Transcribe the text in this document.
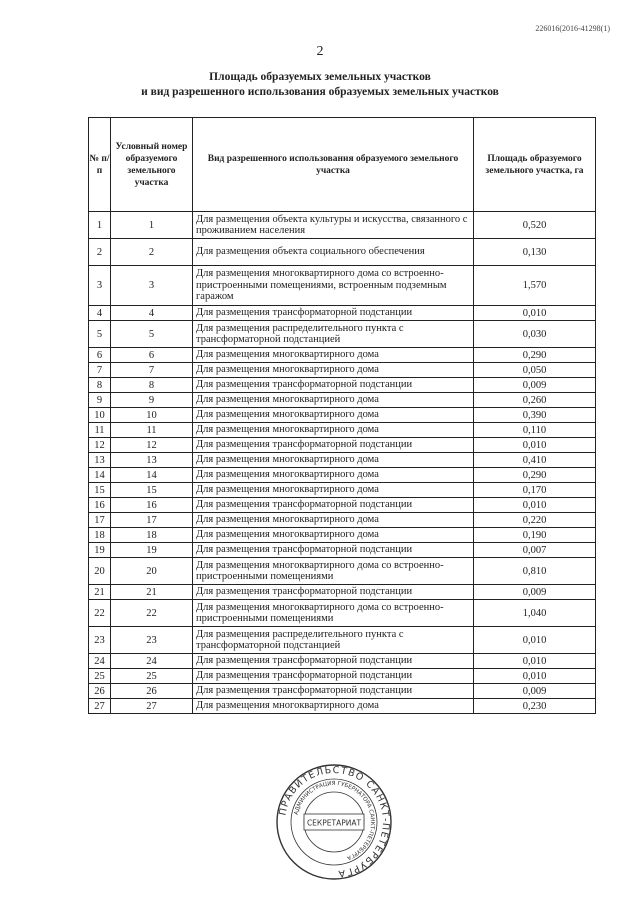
226016(2016-41298(1)
2
Площадь образуемых земельных участков
и вид разрешенного использования образуемых земельных участков
№ п/п	Условный номер образуемого земельного участка	Вид разрешенного использования образуемого земельного участка	Площадь образуемого земельного участка, га
1	1	Для размещения объекта культуры и искусства, связанного с проживанием населения	0,520
2	2	Для размещения объекта социального обеспечения	0,130
3	3	Для размещения многоквартирного дома со встроенно-пристроенными помещениями, встроенным подземным гаражом	1,570
4	4	Для размещения трансформаторной подстанции	0,010
5	5	Для размещения распределительного пункта с трансформаторной подстанцией	0,030
6	6	Для размещения многоквартирного дома	0,290
7	7	Для размещения многоквартирного дома	0,050
8	8	Для размещения трансформаторной подстанции	0,009
9	9	Для размещения многоквартирного дома	0,260
10	10	Для размещения многоквартирного дома	0,390
11	11	Для размещения многоквартирного дома	0,110
12	12	Для размещения трансформаторной подстанции	0,010
13	13	Для размещения многоквартирного дома	0,410
14	14	Для размещения многоквартирного дома	0,290
15	15	Для размещения многоквартирного дома	0,170
16	16	Для размещения трансформаторной подстанции	0,010
17	17	Для размещения многоквартирного дома	0,220
18	18	Для размещения многоквартирного дома	0,190
19	19	Для размещения трансформаторной подстанции	0,007
20	20	Для размещения многоквартирного дома со встроенно-пристроенными помещениями	0,810
21	21	Для размещения трансформаторной подстанции	0,009
22	22	Для размещения многоквартирного дома со встроенно-пристроенными помещениями	1,040
23	23	Для размещения распределительного пункта с трансформаторной подстанцией	0,010
24	24	Для размещения трансформаторной подстанции	0,010
25	25	Для размещения трансформаторной подстанции	0,010
26	26	Для размещения трансформаторной подстанции	0,009
27	27	Для размещения многоквартирного дома	0,230
ПРАВИТЕЛЬСТВО САНКТ-ПЕТЕРБУРГА
АДМИНИСТРАЦИЯ ГУБЕРНАТОРА САНКТ-ПЕТЕРБУРГА
СЕКРЕТАРИАТ
